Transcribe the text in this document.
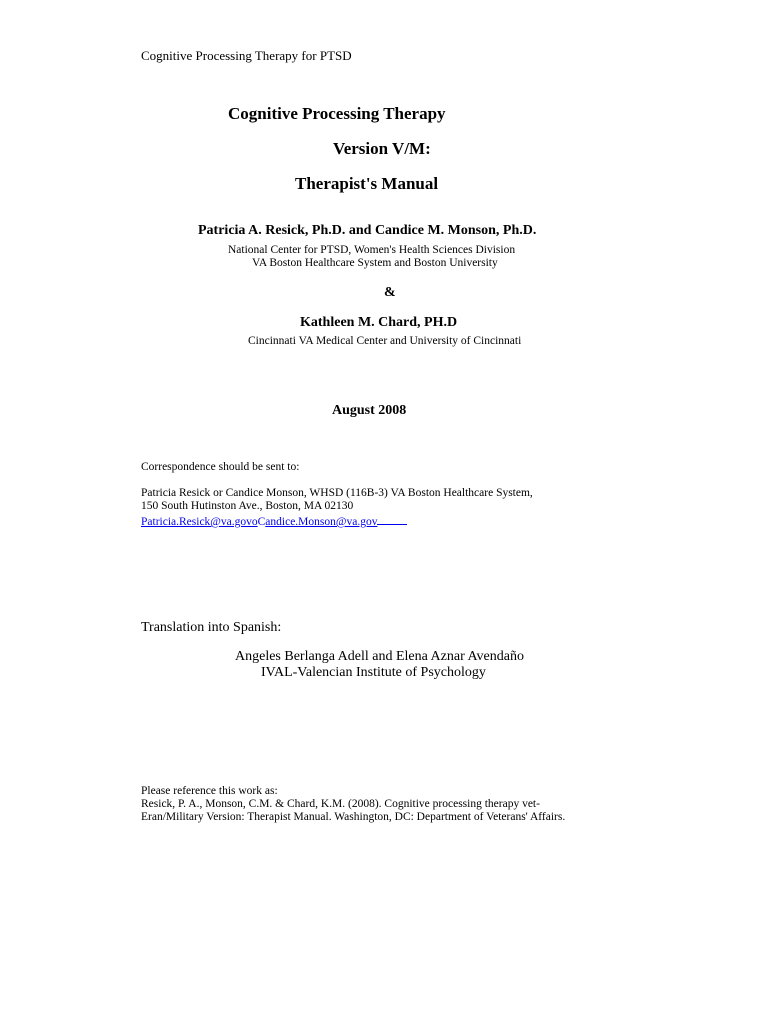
Cognitive Processing Therapy for PTSD
Cognitive Processing Therapy
Version V/M:
Therapist's Manual
Patricia A. Resick, Ph.D. and Candice M. Monson, Ph.D.
National Center for PTSD, Women's Health Sciences Division
VA Boston Healthcare System and Boston University
&
Kathleen M. Chard, PH.D
Cincinnati VA Medical Center and University of Cincinnati
August 2008
Correspondence should be sent to:
Patricia Resick or Candice Monson, WHSD (116B-3) VA Boston Healthcare System,
150 South Hutinston Ave., Boston, MA 02130
Patricia.Resick@va.govoCandice.Monson@va.gov
Translation into Spanish:
Angeles Berlanga Adell and Elena Aznar Avendaño
IVAL-Valencian Institute of Psychology
Please reference this work as:
Resick, P. A., Monson, C.M. & Chard, K.M. (2008). Cognitive processing therapy vet-
Eran/Military Version: Therapist Manual. Washington, DC: Department of Veterans' Affairs.
